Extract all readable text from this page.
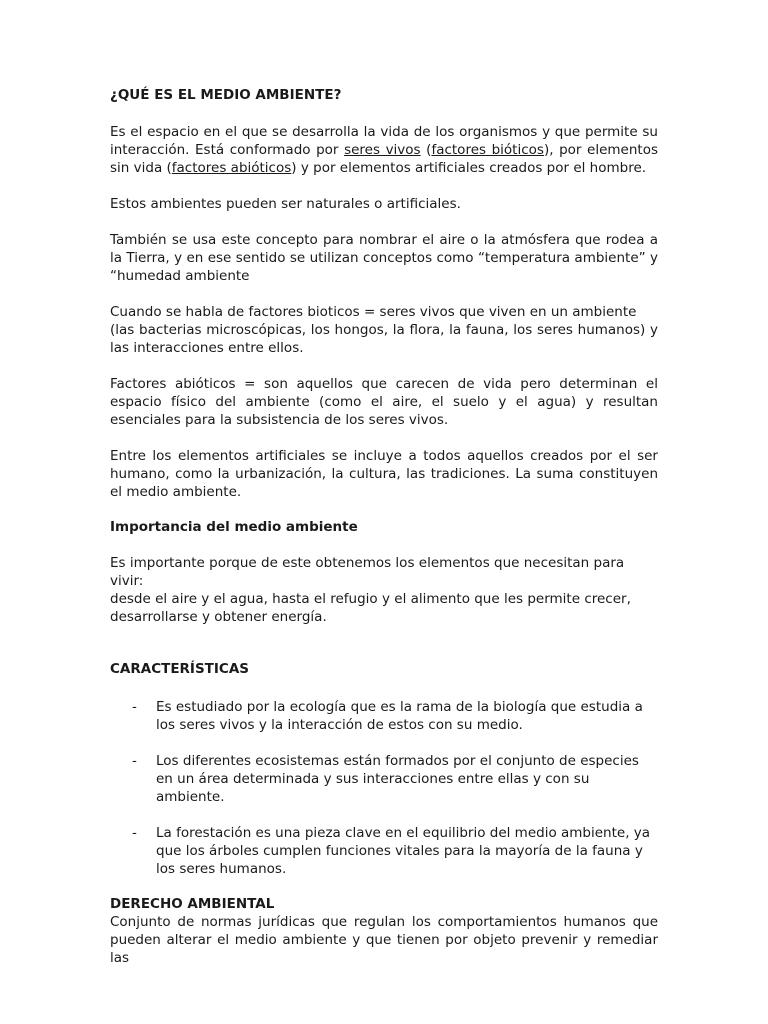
¿QUÉ ES EL MEDIO AMBIENTE?

Es el espacio en el que se desarrolla la vida de los organismos y que permite su interacción. Está conformado por seres vivos (factores bióticos), por elementos sin vida (factores abióticos) y por elementos artificiales creados por el hombre.

Estos ambientes pueden ser naturales o artificiales.

También se usa este concepto para nombrar el aire o la atmósfera que rodea a la Tierra, y en ese sentido se utilizan conceptos como “temperatura ambiente” y “humedad ambiente

Cuando se habla de factores bioticos = seres vivos que viven en un ambiente

(las bacterias microscópicas, los hongos, la flora, la fauna, los seres humanos) y las interacciones entre ellos.

Factores abióticos = son aquellos que carecen de vida pero determinan el espacio físico del ambiente (como el aire, el suelo y el agua) y resultan esenciales para la subsistencia de los seres vivos.

Entre los elementos artificiales se incluye a todos aquellos creados por el ser humano, como la urbanización, la cultura, las tradiciones. La suma constituyen el medio ambiente.

Importancia del medio ambiente

Es importante porque de este obtenemos los elementos que necesitan para vivir:

desde el aire y el agua, hasta el refugio y el alimento que les permite crecer,

desarrollarse y obtener energía.

CARACTERÍSTICAS
- Es estudiado por la ecología que es la rama de la biología que estudia a los seres vivos y la interacción de estos con su medio.
- Los diferentes ecosistemas están formados por el conjunto de especies en un área determinada y sus interacciones entre ellas y con su ambiente.
- La forestación es una pieza clave en el equilibrio del medio ambiente, ya que los árboles cumplen funciones vitales para la mayoría de la fauna y los seres humanos.
DERECHO AMBIENTAL

Conjunto de normas jurídicas que regulan los comportamientos humanos que pueden alterar el medio ambiente y que tienen por objeto prevenir y remediar las
